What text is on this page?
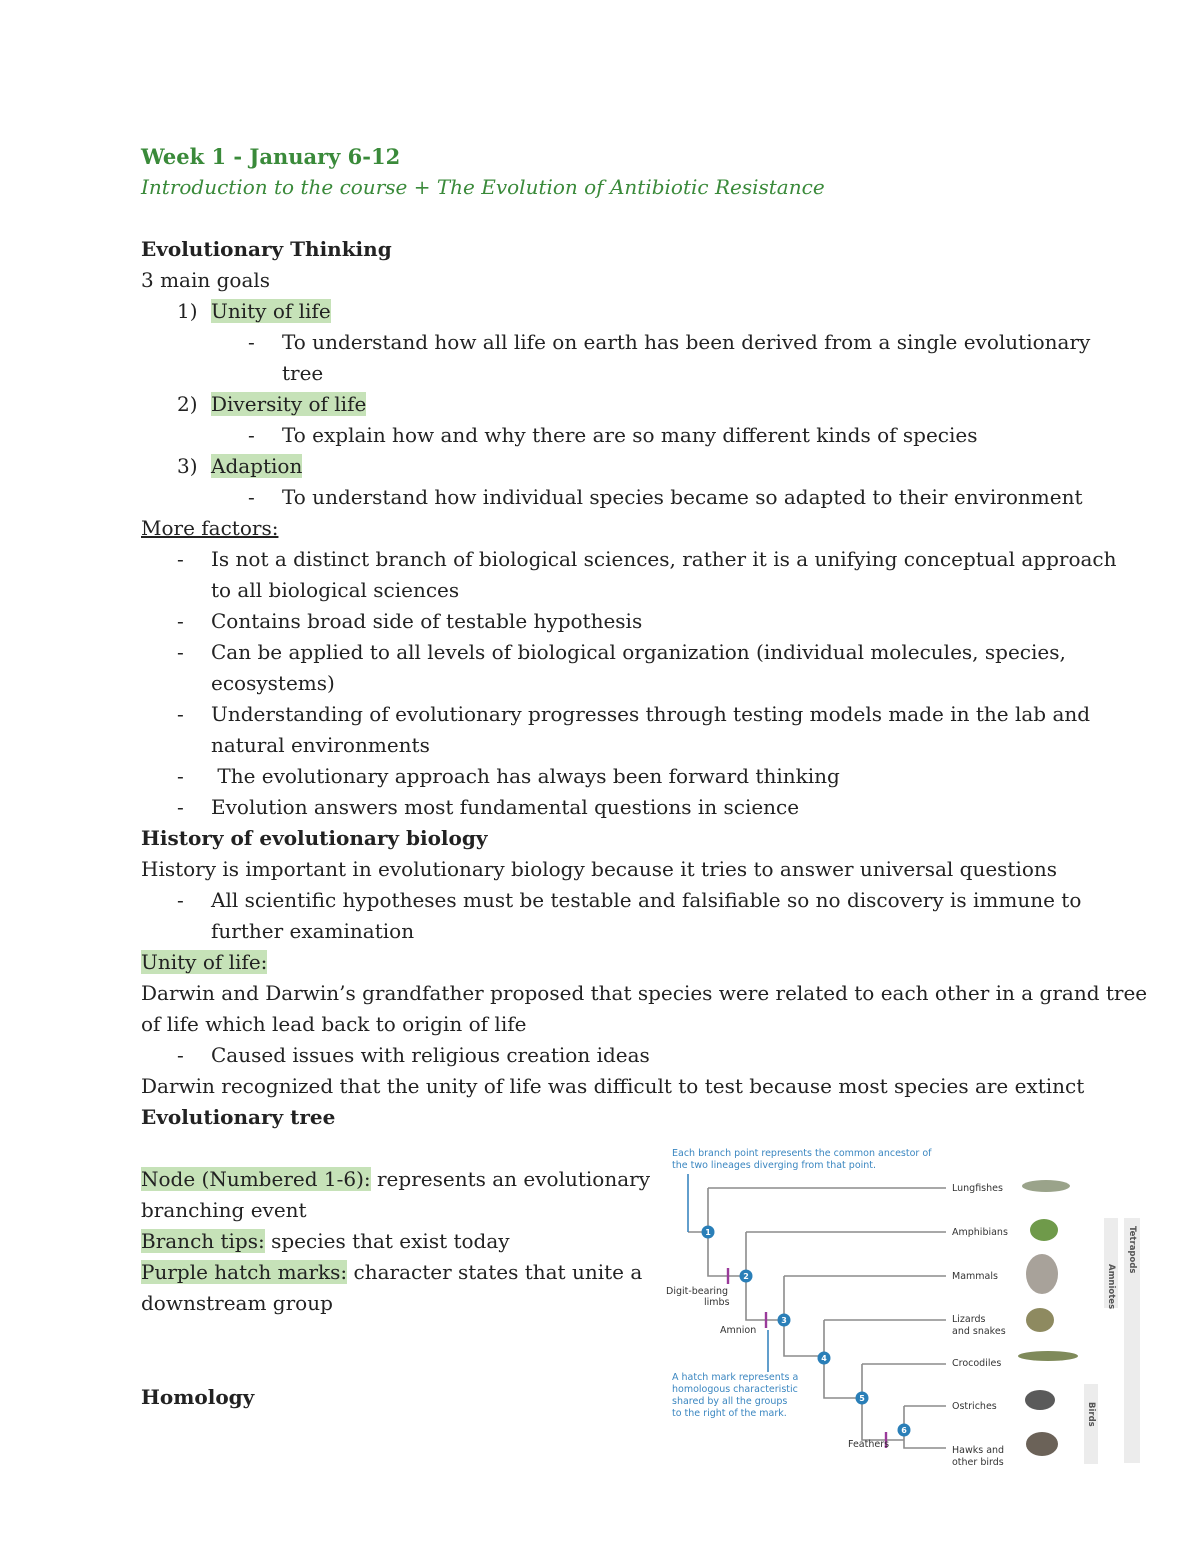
Week 1 - January 6-12
Introduction to the course + The Evolution of Antibiotic Resistance
Evolutionary Thinking
3 main goals
1) Unity of life
- To understand how all life on earth has been derived from a single evolutionary
tree
2) Diversity of life
- To explain how and why there are so many different kinds of species
3) Adaption
- To understand how individual species became so adapted to their environment
More factors:
- Is not a distinct branch of biological sciences, rather it is a unifying conceptual approach
to all biological sciences
- Contains broad side of testable hypothesis
- Can be applied to all levels of biological organization (individual molecules, species,
ecosystems)
- Understanding of evolutionary progresses through testing models made in the lab and
natural environments
- The evolutionary approach has always been forward thinking
- Evolution answers most fundamental questions in science
History of evolutionary biology
History is important in evolutionary biology because it tries to answer universal questions
- All scientific hypotheses must be testable and falsifiable so no discovery is immune to
further examination
Unity of life:
Darwin and Darwin’s grandfather proposed that species were related to each other in a grand tree
of life which lead back to origin of life
- Caused issues with religious creation ideas
Darwin recognized that the unity of life was difficult to test because most species are extinct
Evolutionary tree
Node (Numbered 1-6): represents an evolutionary
branching event
Branch tips: species that exist today
Purple hatch marks: character states that unite a
downstream group
Homology
1
2
3
4
5
6
Each branch point represents the common ancestor of
the two lineages diverging from that point.
A hatch mark represents a
homologous characteristic
shared by all the groups
to the right of the mark.
Digit-bearing
limbs
Amnion
Feathers
Lungfishes
Amphibians
Mammals
Lizards
and snakes
Crocodiles
Ostriches
Hawks and
other birds
Tetrapods
Amniotes
Birds
